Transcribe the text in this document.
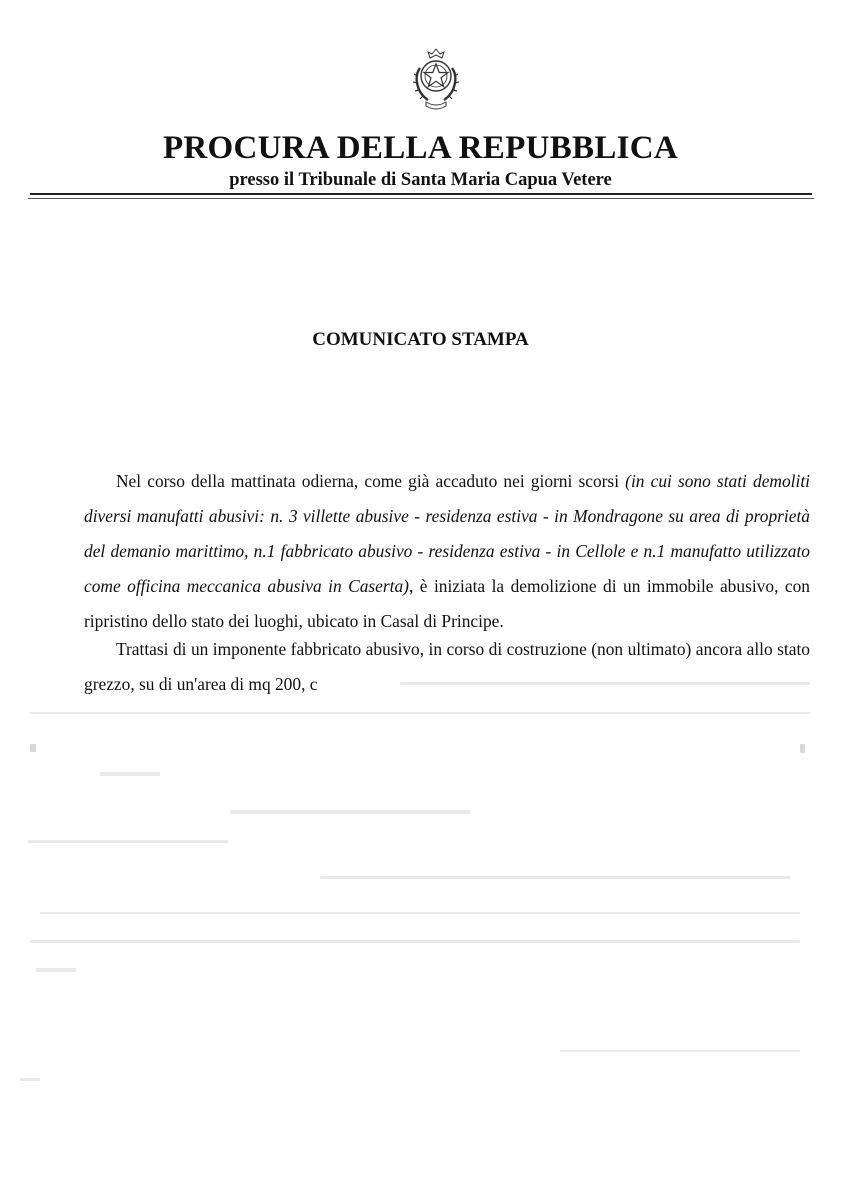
PROCURA DELLA REPUBBLICA
presso il Tribunale di Santa Maria Capua Vetere
COMUNICATO STAMPA

Nel corso della mattinata odierna, come già accaduto nei giorni scorsi (in cui sono stati demoliti diversi manufatti abusivi: n. 3 villette abusive - residenza estiva - in Mondragone su area di proprietà del demanio marittimo, n.1 fabbricato abusivo - residenza estiva - in Cellole e n.1 manufatto utilizzato come officina meccanica abusiva in Caserta), è iniziata la demolizione di un immobile abusivo, con ripristino dello stato dei luoghi, ubicato in Casal di Principe.

Trattasi di un imponente fabbricato abusivo, in corso di costruzione (non ultimato) ancora allo stato grezzo, su di un'area di mq 200, c
